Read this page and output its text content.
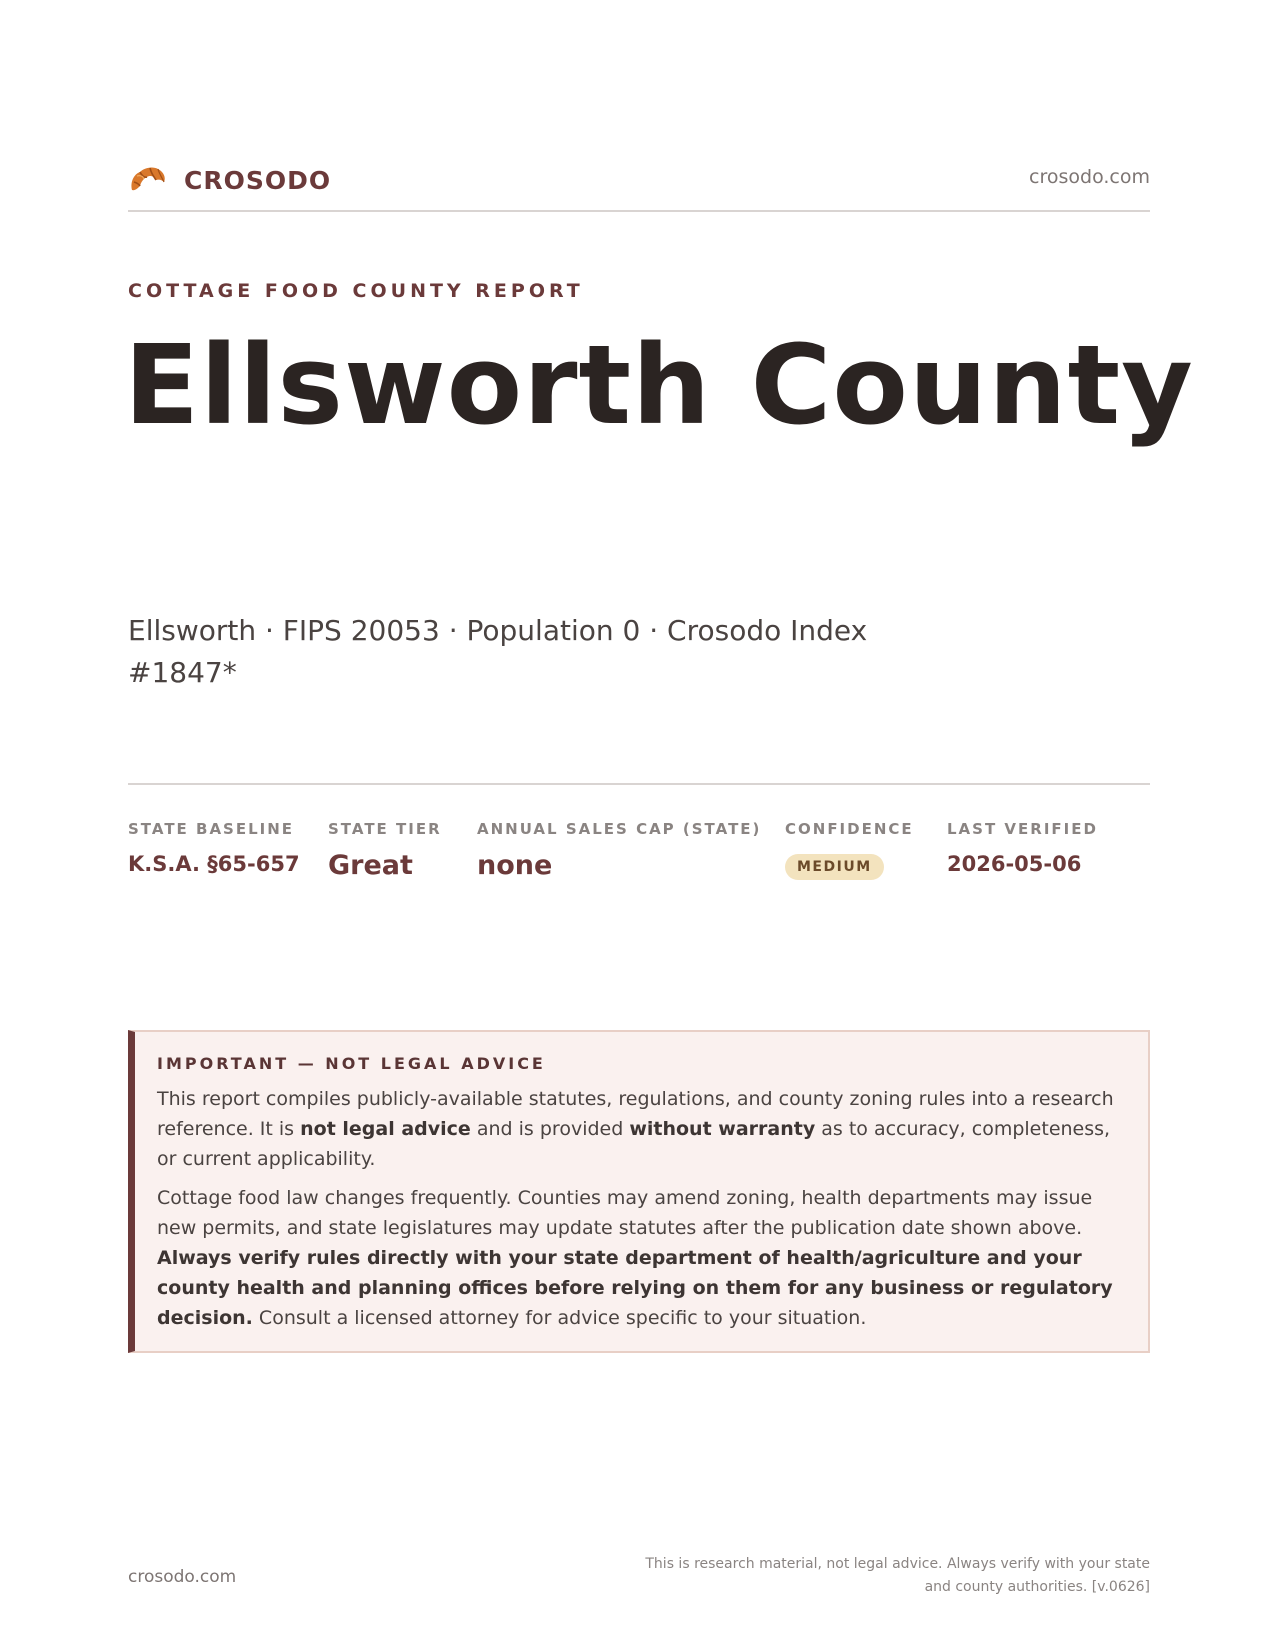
CROSODO	crosodo.com
COTTAGE FOOD COUNTY REPORT
Ellsworth County
Ellsworth · FIPS 20053 · Population 0 · Crosodo Index #1847*
STATE BASELINE
K.S.A. §65-657
STATE TIER
Great
ANNUAL SALES CAP (STATE)
none
CONFIDENCE
MEDIUM
LAST VERIFIED
2026-05-06
IMPORTANT — NOT LEGAL ADVICE

This report compiles publicly-available statutes, regulations, and county zoning rules into a research reference. It is not legal advice and is provided without warranty as to accuracy, completeness, or current applicability.

Cottage food law changes frequently. Counties may amend zoning, health departments may issue new permits, and state legislatures may update statutes after the publication date shown above. Always verify rules directly with your state department of health/agriculture and your county health and planning offices before relying on them for any business or regulatory decision. Consult a licensed attorney for advice specific to your situation.

crosodo.com
This is research material, not legal advice. Always verify with your state
and county authorities. [v.0626]
